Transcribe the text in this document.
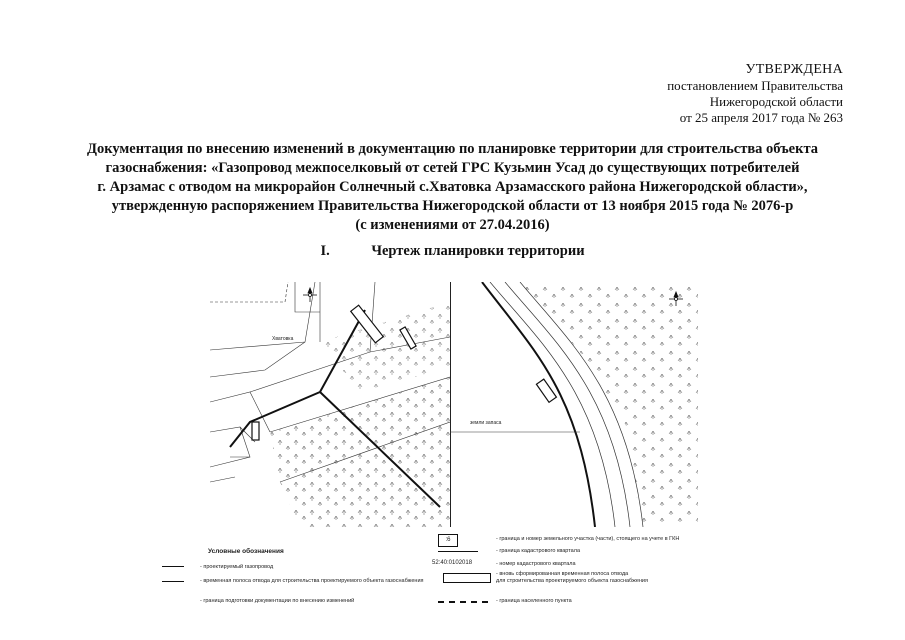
УТВЕРЖДЕНА
постановлением Правительства
Нижегородской области
от 25 апреля 2017 года № 263
Документация по внесению изменений в документацию по планировке территории для строительства объекта
газоснабжения: «Газопровод межпоселковый от сетей ГРС Кузьмин Усад до существующих потребителей
г. Арзамас с отводом на микрорайон Солнечный с.Хватовка Арзамасского района Нижегородской области»,
утвержденную распоряжением Правительства Нижегородской области от 13 ноября 2015 года № 2076-р
(с изменениями от 27.04.2016)
I.	Чертеж планировки территории
Хватовка
земли запаса
Условные обозначения
:6	- граница и номер земельного участка (части), стоящего на учете в ГКН
- граница кадастрового квартала
52:40:0102018	- номер кадастрового квартала
- вновь сформированная временная полоса отвода
для строительства проектируемого объекта газоснабжения
- граница населенного пункта
- проектируемый газопровод
- временная полоса отвода для строительства проектируемого объекта газоснабжения
- граница подготовки документации по внесению изменений
